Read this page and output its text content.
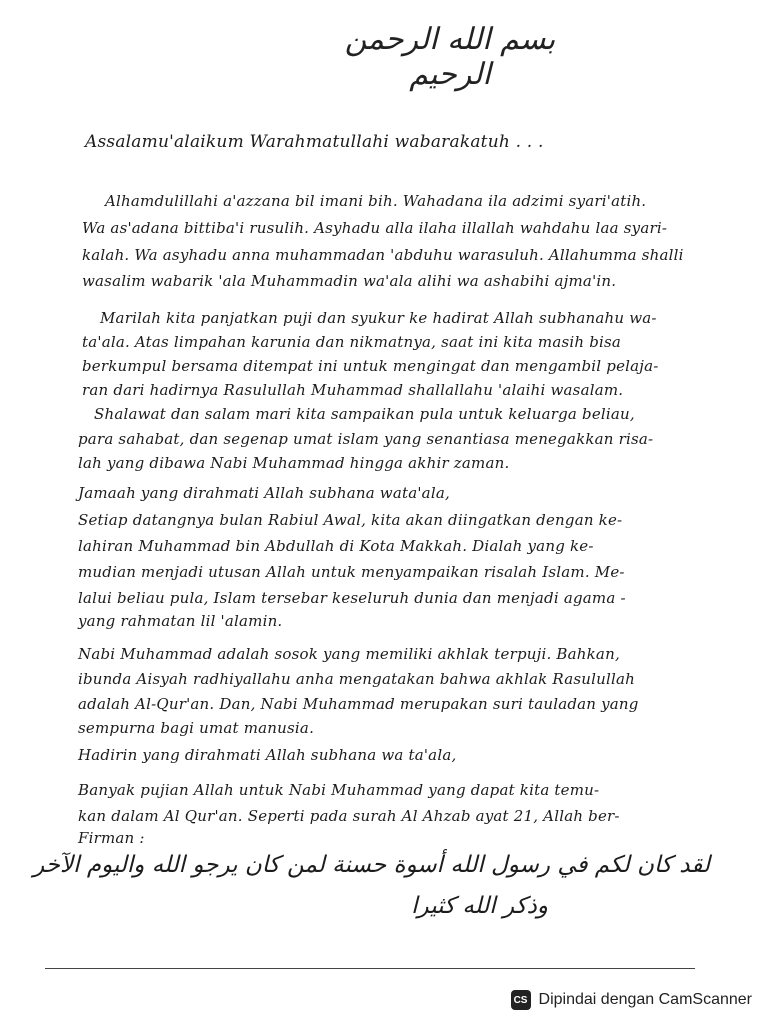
بسم الله الرحمن الرحيم
Assalamu'alaikum Warahmatullahi wabarakatuh . . .
Alhamdulillahi a'azzana bil imani bih. Wahadana ila adzimi syari'atih.
Wa as'adana bittiba'i rusulih. Asyhadu alla ilaha illallah wahdahu laa syari-
kalah. Wa asyhadu anna muhammadan 'abduhu warasuluh. Allahumma shalli
wasalim wabarik 'ala Muhammadin wa'ala alihi wa ashabihi ajma'in.
Marilah kita panjatkan puji dan syukur ke hadirat Allah subhanahu wa-
ta'ala. Atas limpahan karunia dan nikmatnya, saat ini kita masih bisa
berkumpul bersama ditempat ini untuk mengingat dan mengambil pelaja-
ran dari hadirnya Rasulullah Muhammad shallallahu 'alaihi wasalam.
Shalawat dan salam mari kita sampaikan pula untuk keluarga beliau,
para sahabat, dan segenap umat islam yang senantiasa menegakkan risa-
lah yang dibawa Nabi Muhammad hingga akhir zaman.
Jamaah yang dirahmati Allah subhana wata'ala,
Setiap datangnya bulan Rabiul Awal, kita akan diingatkan dengan ke-
lahiran Muhammad bin Abdullah di Kota Makkah. Dialah yang ke-
mudian menjadi utusan Allah untuk menyampaikan risalah Islam. Me-
lalui beliau pula, Islam tersebar keseluruh dunia dan menjadi agama -
yang rahmatan lil 'alamin.
Nabi Muhammad adalah sosok yang memiliki akhlak terpuji. Bahkan,
ibunda Aisyah radhiyallahu anha mengatakan bahwa akhlak Rasulullah
adalah Al-Qur'an. Dan, Nabi Muhammad merupakan suri tauladan yang
sempurna bagi umat manusia.
Hadirin yang dirahmati Allah subhana wa ta'ala,
Banyak pujian Allah untuk Nabi Muhammad yang dapat kita temu-
kan dalam Al Qur'an. Seperti pada surah Al Ahzab ayat 21, Allah ber-
Firman :
لقد كان لكم في رسول الله أسوة حسنة لمن كان يرجو الله واليوم الآخر
وذكر الله كثيرا
CS Dipindai dengan CamScanner
